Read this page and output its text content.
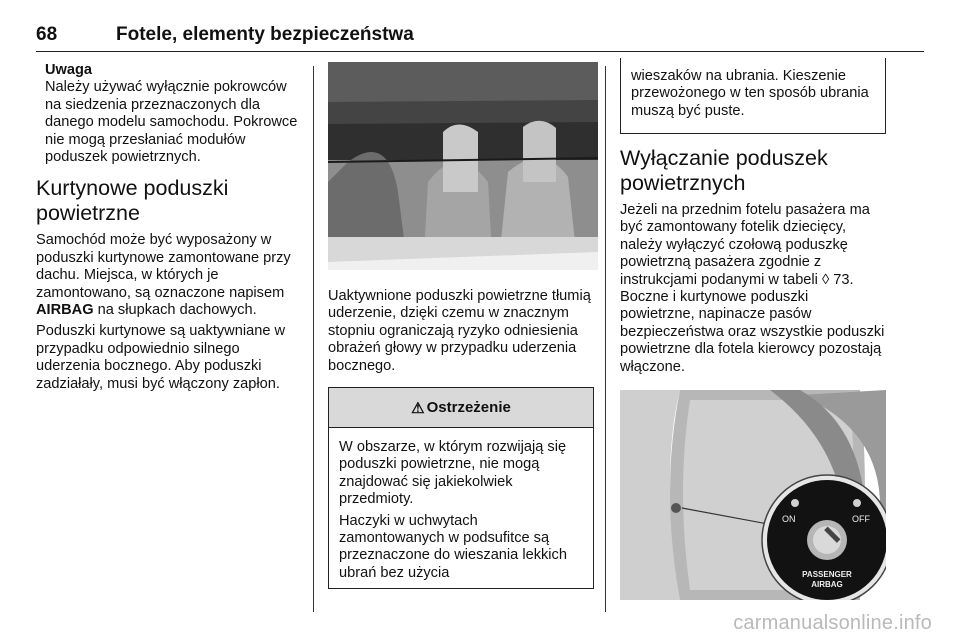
68	Fotele, elementy bezpieczeństwa
Uwaga
Należy używać wyłącznie pokrowców na siedzenia przeznaczonych dla danego modelu samochodu. Pokrowce nie mogą przesłaniać modułów poduszek powietrznych.
Kurtynowe poduszki powietrzne

Samochód może być wyposażony w poduszki kurtynowe zamontowane przy dachu. Miejsca, w których je zamontowano, są oznaczone napisem AIRBAG na słupkach dachowych.

Poduszki kurtynowe są uaktywniane w przypadku odpowiednio silnego uderzenia bocznego. Aby poduszki zadziałały, musi być włączony zapłon.

Uaktywnione poduszki powietrzne tłumią uderzenie, dzięki czemu w znacznym stopniu ograniczają ryzyko odniesienia obrażeń głowy w przypadku uderzenia bocznego.

⚠ Ostrzeżenie

W obszarze, w którym rozwijają się poduszki powietrzne, nie mogą znajdować się jakiekolwiek przedmioty.

Haczyki w uchwytach zamontowanych w podsufitce są przeznaczone do wieszania lekkich ubrań bez użycia

wieszaków na ubrania. Kieszenie przewożonego w ten sposób ubrania muszą być puste.

Wyłączanie poduszek powietrznych

Jeżeli na przednim fotelu pasażera ma być zamontowany fotelik dziecięcy, należy wyłączyć czołową poduszkę powietrzną pasażera zgodnie z instrukcjami podanymi w tabeli ◊ 73. Boczne i kurtynowe poduszki powietrzne, napinacze pasów bezpieczeństwa oraz wszystkie poduszki powietrzne dla fotela kierowcy pozostają włączone.

ON	OFF
PASSENGER
AIRBAG
carmanualsonline.info
